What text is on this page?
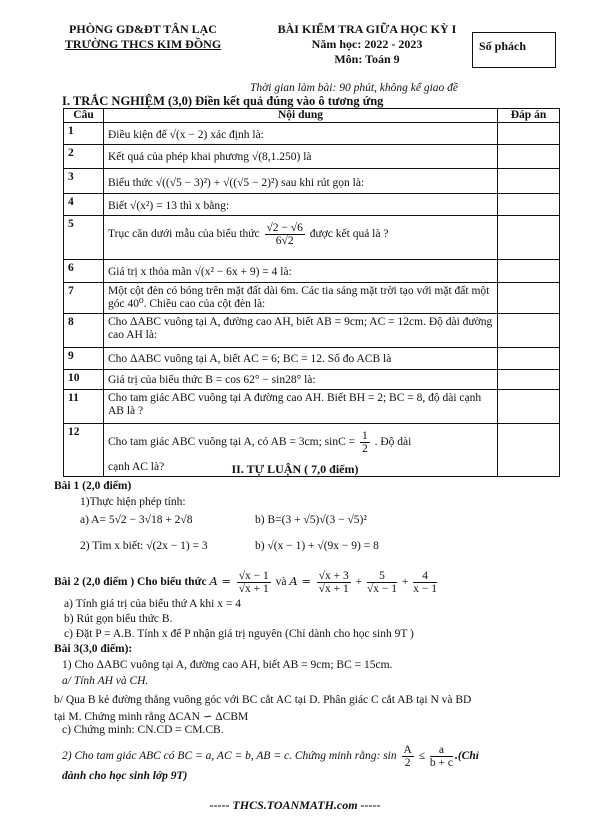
PHÒNG GD&ĐT TÂN LẠC
TRƯỜNG THCS KIM ĐỒNG
BÀI KIỂM TRA GIỮA HỌC KỲ I
Năm học: 2022 - 2023
Môn: Toán 9
Số phách
Thời gian làm bài: 90 phút, không kể giao đề
I. TRẮC NGHIỆM (3,0) Điền kết quả đúng vào ô tương ứng
Câu	Nội dung	Đáp án
1	Điều kiện để √(x − 2) xác định là:	
2	Kết quả của phép khai phương √(8,1.250) là	
3	Biểu thức √((√5 − 3)²) + √((√5 − 2)²) sau khi rút gọn là:	
4	Biết √(x²) = 13 thì x bằng:	
5	Trục căn dưới mẫu của biểu thức $\frac{√2 - √6}{6√2}$ được kết quả là ?	
6	Giá trị x thỏa mãn √(x² − 6x + 9) = 4 là:	
7	Một cột đèn có bóng trên mặt đất dài 6m. Các tia sáng mặt trời tạo với mặt đất một góc 40⁰. Chiều cao của cột đèn là:	
8	Cho ΔABC vuông tại A, đường cao AH, biết AB = 9cm; AC = 12cm. Độ dài đường cao AH là:	
9	Cho ΔABC vuông tại A, biết AC = 6; BC = 12. Số đo ACB là	
10	Giá trị của biểu thức B = cos 62° − sin28° là:	
11	Cho tam giác ABC vuông tại A đường cao AH. Biết BH = 2; BC = 8, độ dài cạnh AB là ?	
12	Cho tam giác ABC vuông tại A, có AB = 3cm; $\sin C = \frac{1}{2}$ . Độ dài
cạnh AC là?	
		II. TỰ LUẬN ( 7,0 điểm)
Bài 1 (2,0 điểm)
1)Thực hiện phép tính:
a) A= 5√2 − 3√18 + 2√8	b) B=(3 + √5)√(3 − √5)²
2) Tìm x biết: √(2x − 1) = 3	b) √(x − 1) + √(9x − 9) = 8
Bài 2 (2,0 điểm ) Cho biểu thức $A = \frac{√x - 1}{√x + 1}$ và $A = \frac{√x + 3}{√x + 1} + \frac{5}{√x - 1} + \frac{4}{x - 1}$
a) Tính giá trị của biểu thứ A khi x = 4
b) Rút gọn biểu thức B.
c) Đặt P = A.B. Tính x để P nhận giá trị nguyên (Chỉ dành cho học sinh 9T )
Bài 3(3,0 điểm):
1) Cho ΔABC vuông tại A, đường cao AH, biết AB = 9cm; BC = 15cm.
a/ Tính AH và CH.
b/ Qua B kẻ đường thẳng vuông góc với BC cắt AC tại D. Phân giác C cắt AB tại N và BD
tại M. Chứng minh rằng ΔCAN ∽ ΔCBM
c) Chứng minh: CN.CD = CM.CB.
2) Cho tam giác ABC có BC = a, AC = b, AB = c. Chứng minh rằng: $\sin \frac{A}{2} \le \frac{a}{b + c}$ .(Chỉ
dành cho học sinh lớp 9T)
----- THCS.TOANMATH.com -----
